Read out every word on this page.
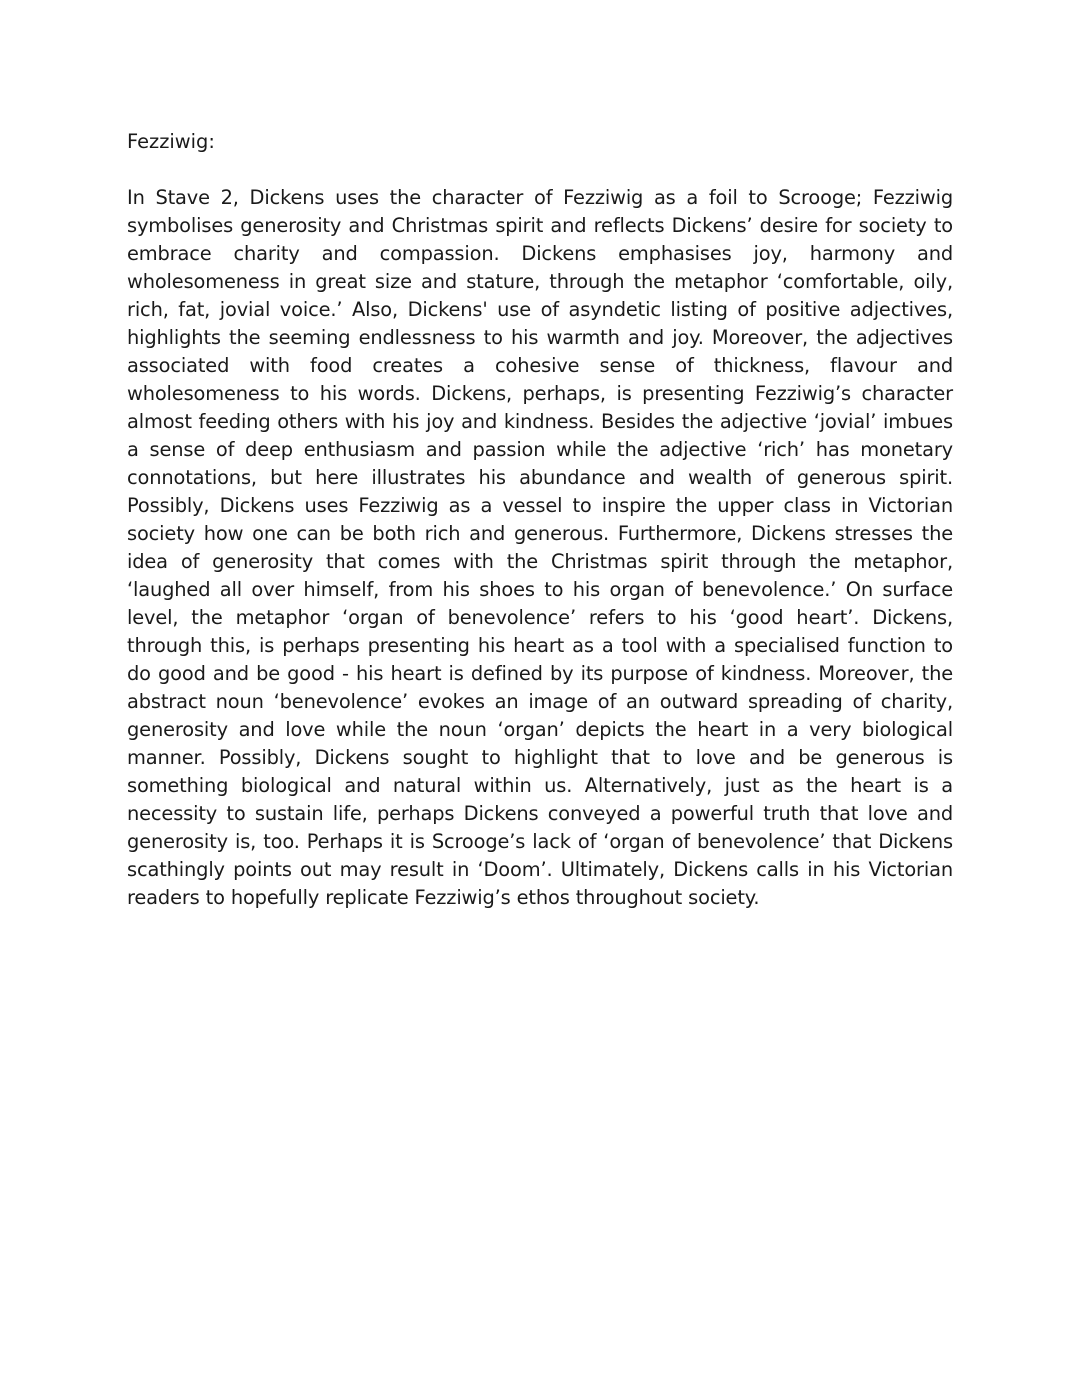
Fezziwig:

In Stave 2, Dickens uses the character of Fezziwig as a foil to Scrooge; Fezziwig symbolises generosity and Christmas spirit and reflects Dickens’ desire for society to embrace charity and compassion. Dickens emphasises joy, harmony and wholesomeness in great size and stature, through the metaphor ‘comfortable, oily, rich, fat, jovial voice.’ Also, Dickens' use of asyndetic listing of positive adjectives, highlights the seeming endlessness to his warmth and joy. Moreover, the adjectives associated with food creates a cohesive sense of thickness, flavour and wholesomeness to his words. Dickens, perhaps, is presenting Fezziwig’s character almost feeding others with his joy and kindness. Besides the adjective ‘jovial’ imbues a sense of deep enthusiasm and passion while the adjective ‘rich’ has monetary connotations, but here illustrates his abundance and wealth of generous spirit. Possibly, Dickens uses Fezziwig as a vessel to inspire the upper class in Victorian society how one can be both rich and generous. Furthermore, Dickens stresses the idea of generosity that comes with the Christmas spirit through the metaphor, ‘laughed all over himself, from his shoes to his organ of benevolence.’ On surface level, the metaphor ‘organ of benevolence’ refers to his ‘good heart’. Dickens, through this, is perhaps presenting his heart as a tool with a specialised function to do good and be good - his heart is defined by its purpose of kindness. Moreover, the abstract noun ‘benevolence’ evokes an image of an outward spreading of charity, generosity and love while the noun ‘organ’ depicts the heart in a very biological manner. Possibly, Dickens sought to highlight that to love and be generous is something biological and natural within us. Alternatively, just as the heart is a necessity to sustain life, perhaps Dickens conveyed a powerful truth that love and generosity is, too. Perhaps it is Scrooge’s lack of ‘organ of benevolence’ that Dickens scathingly points out may result in ‘Doom’. Ultimately, Dickens calls in his Victorian readers to hopefully replicate Fezziwig’s ethos throughout society.
